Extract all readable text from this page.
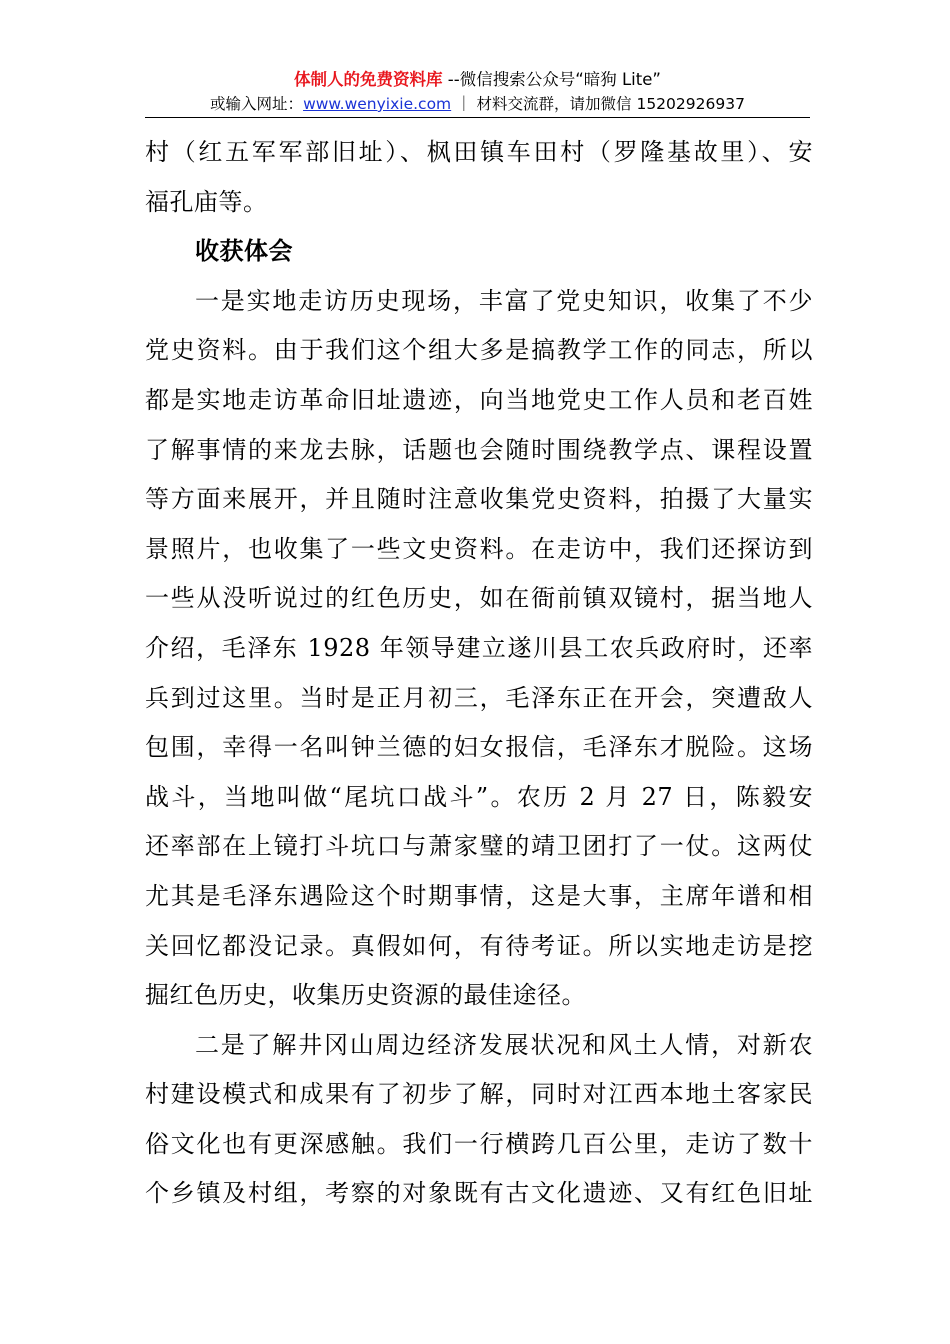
体制人的免费资料库 --微信搜索公众号“暗狗 Lite”
或输入网址：www.wenyixie.com ｜ 材料交流群，请加微信 15202926937
村（红五军军部旧址）、枫田镇车田村（罗隆基故里）、安
福孔庙等。
收获体会
一是实地走访历史现场，丰富了党史知识，收集了不少
党史资料。由于我们这个组大多是搞教学工作的同志，所以
都是实地走访革命旧址遗迹，向当地党史工作人员和老百姓
了解事情的来龙去脉，话题也会随时围绕教学点、课程设置
等方面来展开，并且随时注意收集党史资料，拍摄了大量实
景照片，也收集了一些文史资料。在走访中，我们还探访到
一些从没听说过的红色历史，如在衙前镇双镜村，据当地人
介绍，毛泽东 1928 年领导建立遂川县工农兵政府时，还率
兵到过这里。当时是正月初三，毛泽东正在开会，突遭敌人
包围，幸得一名叫钟兰德的妇女报信，毛泽东才脱险。这场
战斗，当地叫做“尾坑口战斗”。农历 2 月 27 日，陈毅安
还率部在上镜打斗坑口与萧家璧的靖卫团打了一仗。这两仗
尤其是毛泽东遇险这个时期事情，这是大事，主席年谱和相
关回忆都没记录。真假如何，有待考证。所以实地走访是挖
掘红色历史，收集历史资源的最佳途径。
二是了解井冈山周边经济发展状况和风土人情，对新农
村建设模式和成果有了初步了解，同时对江西本地土客家民
俗文化也有更深感触。我们一行横跨几百公里，走访了数十
个乡镇及村组，考察的对象既有古文化遗迹、又有红色旧址
